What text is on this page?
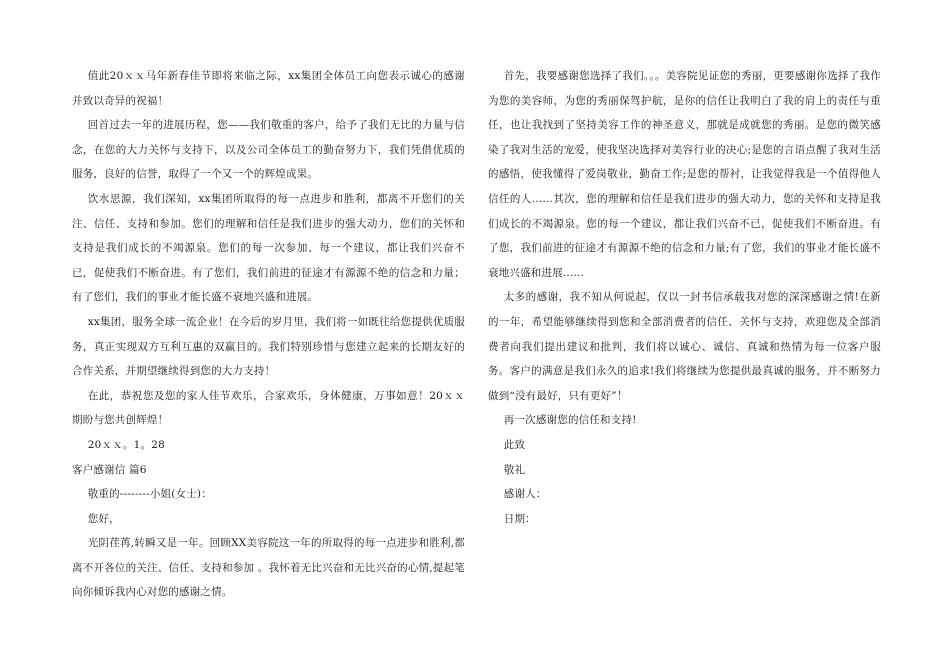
值此20ｘｘ马年新春佳节即将来临之际，xx集团全体员工向您表示诚心的感谢并致以奇异的祝福！

回首过去一年的进展历程，您——我们敬重的客户，给予了我们无比的力量与信念，在您的大力关怀与支持下，以及公司全体员工的勤奋努力下，我们凭借优质的服务，良好的信誉，取得了一个又一个的辉煌成果。

饮水思源，我们深知，xx集团所取得的每一点进步和胜利，都离不开您们的关注、信任、支持和参加。您们的理解和信任是我们进步的强大动力，您们的关怀和支持是我们成长的不竭源泉。您们的每一次参加、每一个建议，都让我们兴奋不已，促使我们不断奋进。有了您们，我们前进的征途才有源源不绝的信念和力量；有了您们，我们的事业才能长盛不衰地兴盛和进展。

xx集团，服务全球一流企业！在今后的岁月里，我们将一如既往给您提供优质服务，真正实现双方互利互惠的双赢目的。我们特别珍惜与您建立起来的长期友好的合作关系，并期望继续得到您的大力支持！

在此，恭祝您及您的家人佳节欢乐，合家欢乐，身体健康，万事如意！20ｘｘ期盼与您共创辉煌！

20ｘｘ。1。28

客户感谢信 篇6

敬重的--------小姐(女士)：

您好，

光阴荏苒,转瞬又是一年。回顾XX美容院这一年的所取得的每一点进步和胜利,都离不开各位的关注、信任、支持和参加 。我怀着无比兴奋和无比兴奋的心情,提起笔向你倾诉我内心对您的感谢之情。

首先，我要感谢您选择了我们。。。美容院见证您的秀丽，更要感谢你选择了我作为您的美容师，为您的秀丽保驾护航，是你的信任让我明白了我的肩上的责任与重任，也让我找到了坚持美容工作的神圣意义，那就是成就您的秀丽。是您的微笑感染了我对生活的宠爱，使我坚决选择对美容行业的决心;是您的言语点醒了我对生活的感悟，使我懂得了爱岗敬业，勤奋工作;是您的帮衬，让我觉得我是一个值得他人信任的人……其次，您的理解和信任是我们进步的强大动力，您的关怀和支持是我们成长的不竭源泉。您的每一个建议，都让我们兴奋不已，促使我们不断奋进。有了您，我们前进的征途才有源源不绝的信念和力量;有了您，我们的事业才能长盛不衰地兴盛和进展......

太多的感谢，我不知从何说起，仅以一封书信承载我对您的深深感谢之情!在新的一年，希望能够继续得到您和全部消费者的信任、关怀与支持，欢迎您及全部消费者向我们提出建议和批判，我们将以诚心、诚信、真诚和热情为每一位客户服务。客户的满意是我们永久的追求!我们将继续为您提供最真诚的服务，并不断努力做到“没有最好，只有更好”！

再一次感谢您的信任和支持!

此致

敬礼

感谢人：

日期：
